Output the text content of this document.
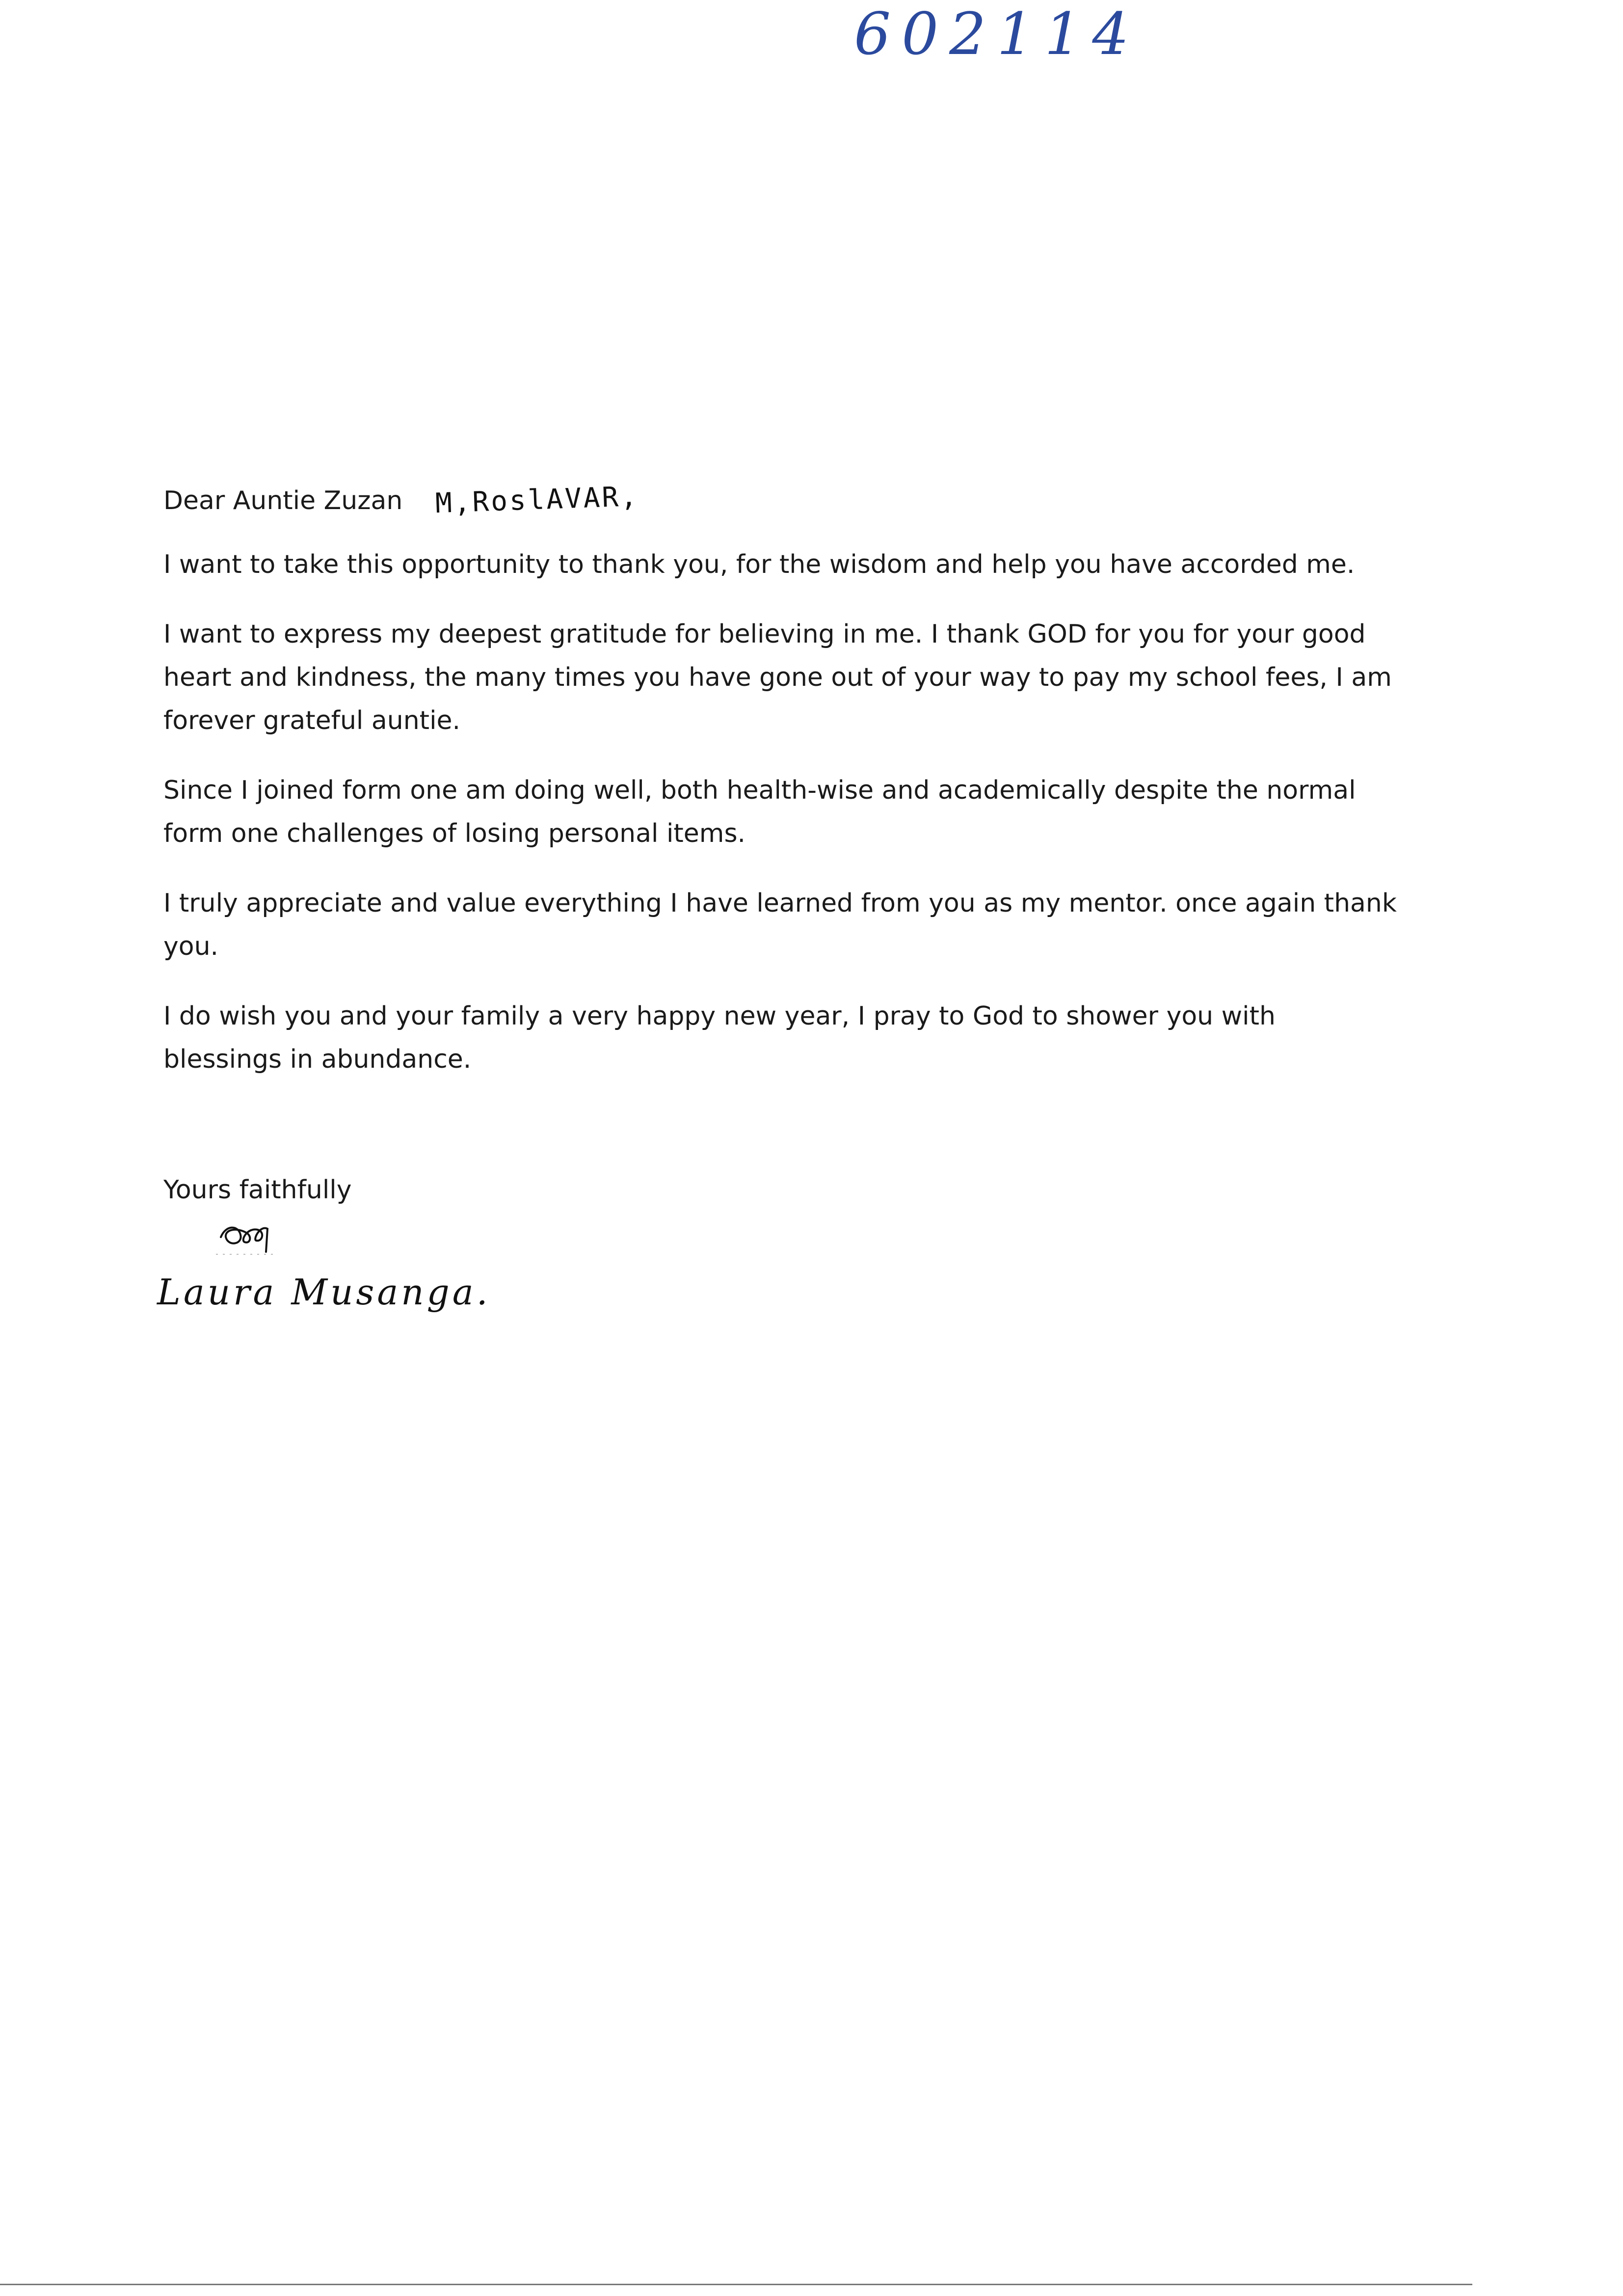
602114

Dear Auntie Zuzan M,RoslAVAR,

I want to take this opportunity to thank you, for the wisdom and help you have accorded me.

I want to express my deepest gratitude for believing in me. I thank GOD for you for your good heart and kindness, the many times you have gone out of your way to pay my school fees, I am forever grateful auntie.

Since I joined form one am doing well, both health-wise and academically despite the normal form one challenges of losing personal items.

I truly appreciate and value everything I have learned from you as my mentor. once again thank you.

I do wish you and your family a very happy new year, I pray to God to shower you with blessings in abundance.

Yours faithfully
Laura Musanga.
